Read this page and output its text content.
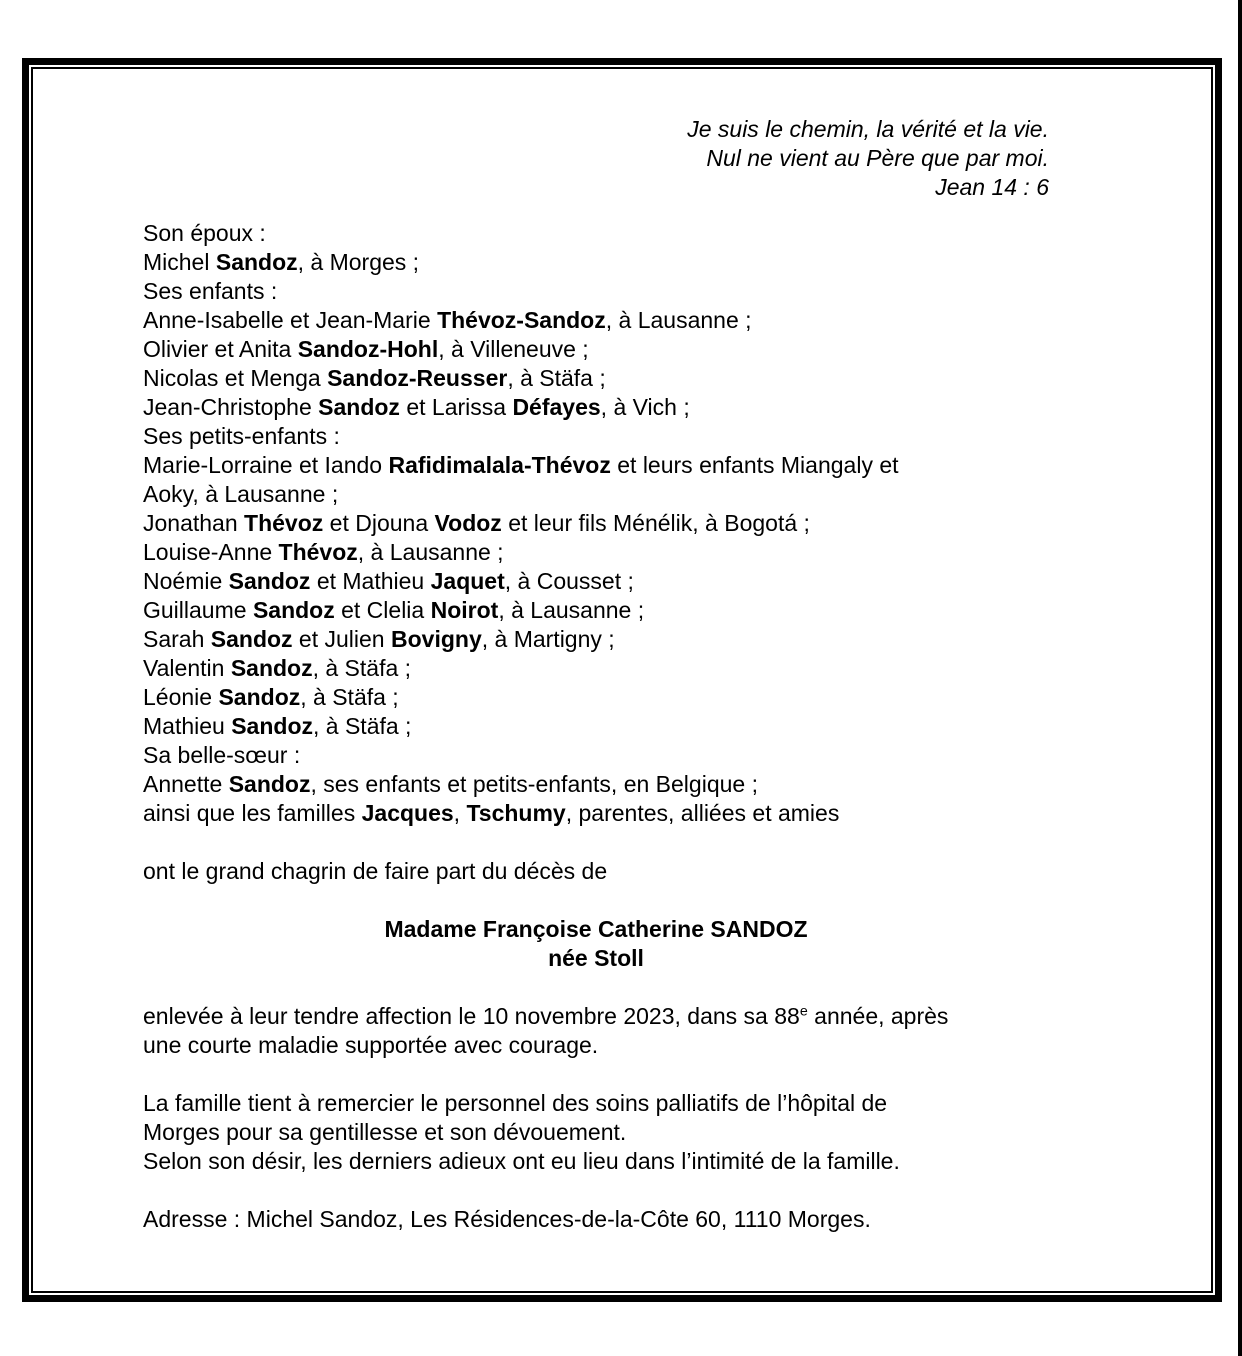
Je suis le chemin, la vérité et la vie.
Nul ne vient au Père que par moi.
Jean 14 : 6
Son époux :
Michel Sandoz, à Morges ;
Ses enfants :
Anne-Isabelle et Jean-Marie Thévoz-Sandoz, à Lausanne ;
Olivier et Anita Sandoz-Hohl, à Villeneuve ;
Nicolas et Menga Sandoz-Reusser, à Stäfa ;
Jean-Christophe Sandoz et Larissa Défayes, à Vich ;
Ses petits-enfants :
Marie-Lorraine et Iando Rafidimalala-Thévoz et leurs enfants Miangaly et
Aoky, à Lausanne ;
Jonathan Thévoz et Djouna Vodoz et leur fils Ménélik, à Bogotá ;
Louise-Anne Thévoz, à Lausanne ;
Noémie Sandoz et Mathieu Jaquet, à Cousset ;
Guillaume Sandoz et Clelia Noirot, à Lausanne ;
Sarah Sandoz et Julien Bovigny, à Martigny ;
Valentin Sandoz, à Stäfa ;
Léonie Sandoz, à Stäfa ;
Mathieu Sandoz, à Stäfa ;
Sa belle-sœur :
Annette Sandoz, ses enfants et petits-enfants, en Belgique ;
ainsi que les familles Jacques, Tschumy, parentes, alliées et amies
ont le grand chagrin de faire part du décès de
Madame Françoise Catherine SANDOZ
née Stoll
enlevée à leur tendre affection le 10 novembre 2023, dans sa 88e année, après
une courte maladie supportée avec courage.
La famille tient à remercier le personnel des soins palliatifs de l’hôpital de
Morges pour sa gentillesse et son dévouement.
Selon son désir, les derniers adieux ont eu lieu dans l’intimité de la famille.
Adresse : Michel Sandoz, Les Résidences-de-la-Côte 60, 1110 Morges.
